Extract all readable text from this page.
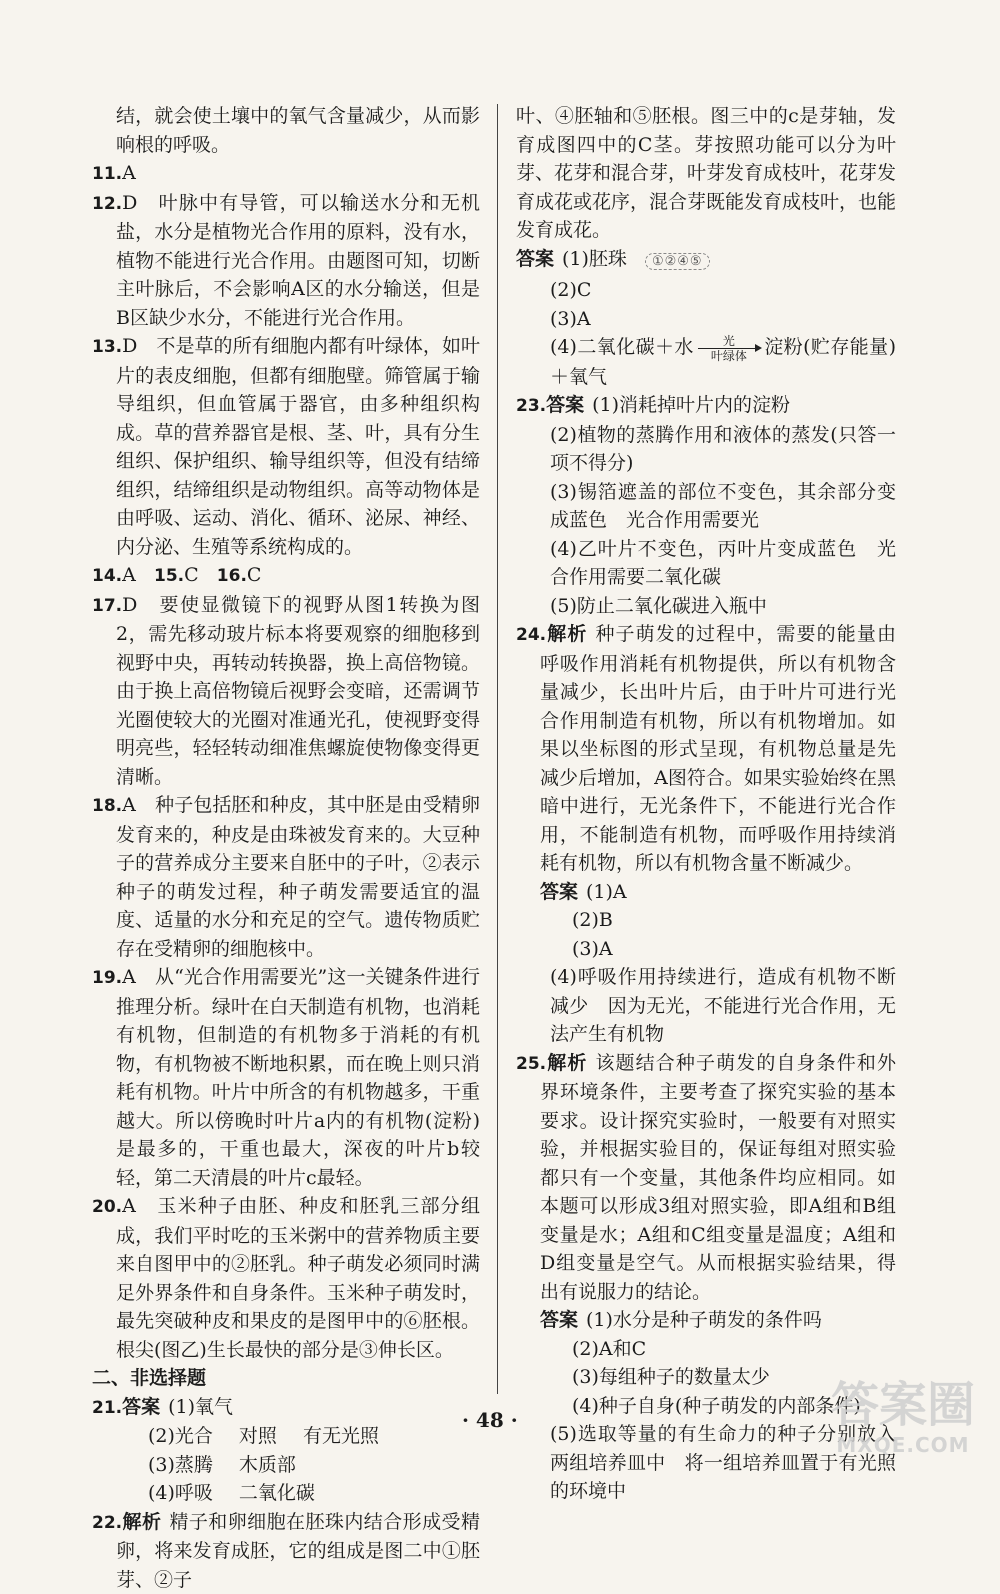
结，就会使土壤中的氧气含量减少，从而影响根的呼吸。

11.A

12.D　叶脉中有导管，可以输送水分和无机盐，水分是植物光合作用的原料，没有水，植物不能进行光合作用。由题图可知，切断主叶脉后，不会影响A区的水分输送，但是B区缺少水分，不能进行光合作用。

13.D　不是草的所有细胞内都有叶绿体，如叶片的表皮细胞，但都有细胞壁。筛管属于输导组织，但血管属于器官，由多种组织构成。草的营养器官是根、茎、叶，具有分生组织、保护组织、输导组织等，但没有结缔组织，结缔组织是动物组织。高等动物体是由呼吸、运动、消化、循环、泌尿、神经、内分泌、生殖等系统构成的。

14.A 15.C 16.C

17.D　要使显微镜下的视野从图1转换为图2，需先移动玻片标本将要观察的细胞移到视野中央，再转动转换器，换上高倍物镜。由于换上高倍物镜后视野会变暗，还需调节光圈使较大的光圈对准通光孔，使视野变得明亮些，轻轻转动细准焦螺旋使物像变得更清晰。

18.A　种子包括胚和种皮，其中胚是由受精卵发育来的，种皮是由珠被发育来的。大豆种子的营养成分主要来自胚中的子叶，②表示种子的萌发过程，种子萌发需要适宜的温度、适量的水分和充足的空气。遗传物质贮存在受精卵的细胞核中。

19.A　从“光合作用需要光”这一关键条件进行推理分析。绿叶在白天制造有机物，也消耗有机物，但制造的有机物多于消耗的有机物，有机物被不断地积累，而在晚上则只消耗有机物。叶片中所含的有机物越多，干重越大。所以傍晚时叶片a内的有机物(淀粉)是最多的，干重也最大，深夜的叶片b较轻，第二天清晨的叶片c最轻。

20.A　玉米种子由胚、种皮和胚乳三部分组成，我们平时吃的玉米粥中的营养物质主要来自图甲中的②胚乳。种子萌发必须同时满足外界条件和自身条件。玉米种子萌发时，最先突破种皮和果皮的是图甲中的⑥胚根。根尖(图乙)生长最快的部分是③伸长区。

二、非选择题

21.答案 (1)氧气

(2)光合 对照 有无光照
(3)蒸腾 木质部
(4)呼吸 二氧化碳

22.解析 精子和卵细胞在胚珠内结合形成受精卵，将来发育成胚，它的组成是图二中①胚芽、②子

叶、④胚轴和⑤胚根。图三中的c是芽轴，发育成图四中的C茎。芽按照功能可以分为叶芽、花芽和混合芽，叶芽发育成枝叶，花芽发育成花或花序，混合芽既能发育成枝叶，也能发育成花。

答案 (1)胚珠 ①②④⑤

(2)C

(3)A

(4)二氧化碳＋水 光
叶绿体 淀粉(贮存能量)＋氧气

23.答案 (1)消耗掉叶片内的淀粉

(2)植物的蒸腾作用和液体的蒸发(只答一项不得分)

(3)锡箔遮盖的部位不变色，其余部分变成蓝色　光合作用需要光

(4)乙叶片不变色，丙叶片变成蓝色　光合作用需要二氧化碳

(5)防止二氧化碳进入瓶中

24.解析 种子萌发的过程中，需要的能量由呼吸作用消耗有机物提供，所以有机物含量减少，长出叶片后，由于叶片可进行光合作用制造有机物，所以有机物增加。如果以坐标图的形式呈现，有机物总量是先减少后增加，A图符合。如果实验始终在黑暗中进行，无光条件下，不能进行光合作用，不能制造有机物，而呼吸作用持续消耗有机物，所以有机物含量不断减少。

答案 (1)A

(2)B

(3)A

(4)呼吸作用持续进行，造成有机物不断减少　因为无光，不能进行光合作用，无法产生有机物

25.解析 该题结合种子萌发的自身条件和外界环境条件，主要考查了探究实验的基本要求。设计探究实验时，一般要有对照实验，并根据实验目的，保证每组对照实验都只有一个变量，其他条件均应相同。如本题可以形成3组对照实验，即A组和B组变量是水；A组和C组变量是温度；A组和D组变量是空气。从而根据实验结果，得出有说服力的结论。

答案 (1)水分是种子萌发的条件吗

(2)A和C

(3)每组种子的数量太少

(4)种子自身(种子萌发的内部条件)

(5)选取等量的有生命力的种子分别放入两组培养皿中　将一组培养皿置于有光照的环境中

· 48 ·	答案圈
MXQE.COM
